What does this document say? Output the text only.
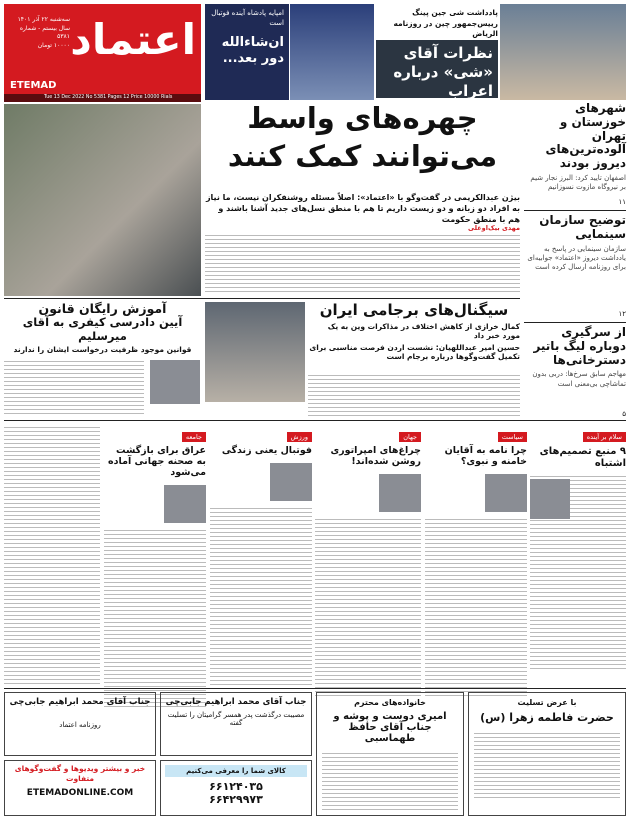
اعتماد
سه‌شنبه ۲۲ آذر ۱۴۰۱
سال بیستم - شماره ۵۳۸۱
۱۰۰۰۰ تومان
ETEMAD
Tue 13 Dec 2022 No 5381 Pages 12 Price 10000 Rials
پادداشت شی جین پینگ
رییس‌جمهور چین در روزنامه الریاض
نظرات آقای «شی» درباره اعراب
امپایه پادشاه آینده فوتبال است
ان‌شاءالله دور بعد...
چهره‌های واسط
می‌توانند کمک کنند
بیژن عبدالکریمی در گفت‌وگو با «اعتماد»: اصلاً مسئله روشنفکران نیست، ما نیاز به افراد دو زبانه و دو زیست داریم تا هم با منطق نسل‌های جدید آشنا باشند و هم با منطق حکومت
مهدی بیک‌اوغلی
شهرهای خوزستان و تهران آلوده‌ترین‌های دیروز بودند
اصفهان تایید کرد: البرز نجار شیم بر نیروگاه مازوت نسوزانیم
۱۱
توضیح سازمان سینمایی
سازمان سینمایی در پاسخ به یادداشت دیروز «اعتماد» جوابیه‌ای برای روزنامه ارسال کرده است
۱۲
از سرگیری دوباره لیگ باتیر دسترخانی‌ها
مهاجم سابق سرخ‌ها: دربی بدون تماشاچی بی‌معنی است
۵
آموزش رایگان قانون
آیین دادرسی کیفری به آقای میرسلیم
قوانین موجود ظرفیت درخواست ایشان را ندارند
سیگنال‌های برجامی ایران
کمال خرازی از کاهش اختلاف در مذاکرات وین به یک مورد خبر داد
حسین امیر عبداللهیان: نشست اردن فرصت مناسبی برای تکمیل گفت‌وگوها درباره برجام است
سلام بر آینده
۹ منبع تصمیم‌های اشتباه
سیاست
چرا نامه به آقایان خامنه و نبوی؟
جهان
چراغ‌های امپراتوری روشن شده‌اند!
ورزش
فوتبال یعنی زندگی
جامعه
عراق برای بازگشت به صحنه جهانی آماده می‌شود
با عرض تسلیت
حضرت فاطمه زهرا (س)
خانواده‌های محترم
امیری دوست و پوشه و جناب آقای حافظ طهماسبی
جناب آقای محمد ابراهیم جابی‌چی
مصیبت درگذشت پدر همسر گرامیتان را تسلیت گفته
جناب آقای محمد ابراهیم جابی‌چی
روزنامه اعتماد
کالای شما را معرفی می‌کنیم
۶۶۱۲۴۰۳۵
۶۶۴۲۹۹۷۳
خبر و بیشتر ویدیوها و گفت‌وگوهای متفاوت
ETEMADONLINE.COM
